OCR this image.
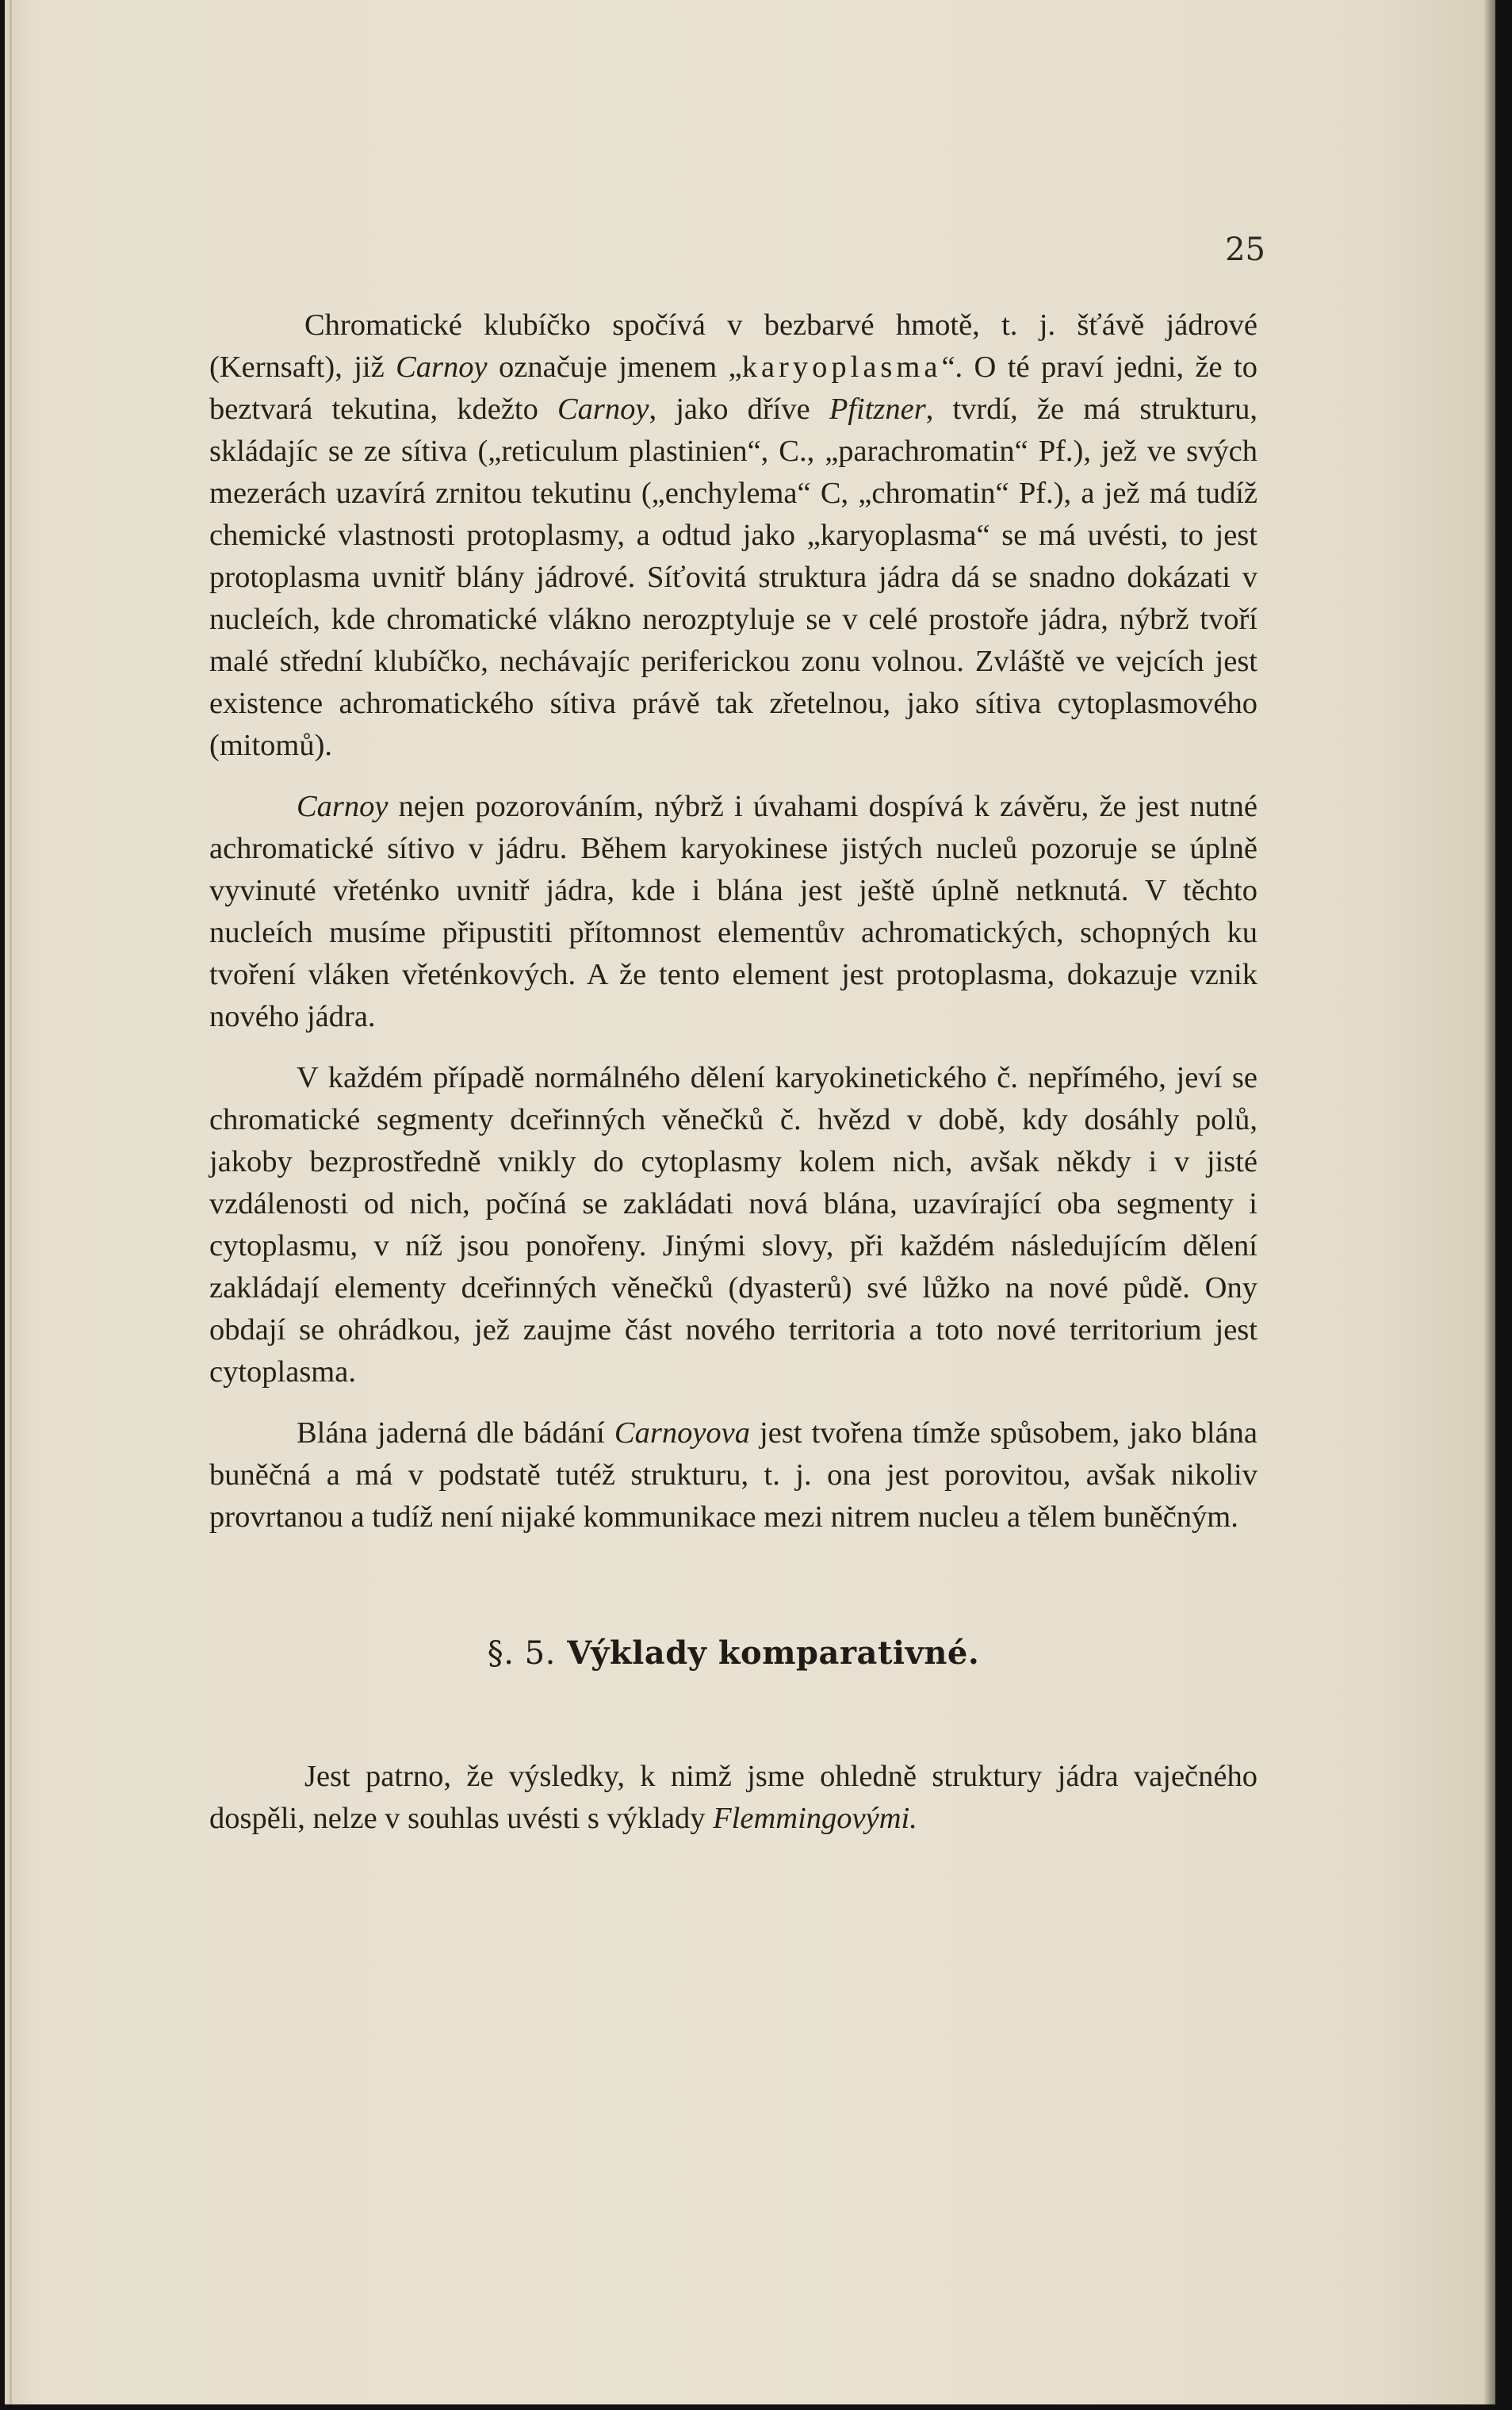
25

Chromatické klubíčko spočívá v bezbarvé hmotě, t. j. šťávě jádrové (Kernsaft), již Carnoy označuje jmenem „karyoplasma“. O té praví jedni, že to beztvará tekutina, kdežto Carnoy, jako dříve Pfitzner, tvrdí, že má strukturu, skládajíc se ze sítiva („reticulum plastinien“, C., „parachromatin“ Pf.), jež ve svých mezerách uzavírá zrnitou tekutinu („enchylema“ C, „chromatin“ Pf.), a jež má tudíž chemické vlastnosti protoplasmy, a odtud jako „karyoplasma“ se má uvésti, to jest protoplasma uvnitř blány jádrové. Síťovitá struktura jádra dá se snadno dokázati v nucleích, kde chromatické vlákno nerozptyluje se v celé prostoře jádra, nýbrž tvoří malé střední klubíčko, nechávajíc periferickou zonu volnou. Zvláště ve vejcích jest existence achromatického sítiva právě tak zřetelnou, jako sítiva cytoplasmového (mitomů).

Carnoy nejen pozorováním, nýbrž i úvahami dospívá k závěru, že jest nutné achromatické sítivo v jádru. Během karyokinese jistých nucleů pozoruje se úplně vyvinuté vřeténko uvnitř jádra, kde i blána jest ještě úplně netknutá. V těchto nucleích musíme připustiti přítomnost elementův achromatických, schopných ku tvoření vláken vřeténkových. A že tento element jest protoplasma, dokazuje vznik nového jádra.

V každém případě normálného dělení karyokinetického č. nepřímého, jeví se chromatické segmenty dceřinných věnečků č. hvězd v době, kdy dosáhly polů, jakoby bezprostředně vnikly do cytoplasmy kolem nich, avšak někdy i v jisté vzdálenosti od nich, počíná se zakládati nová blána, uzavírající oba segmenty i cytoplasmu, v níž jsou ponořeny. Jinými slovy, při každém následujícím dělení zakládají elementy dceřinných věnečků (dyasterů) své lůžko na nové půdě. Ony obdají se ohrádkou, jež zaujme část nového territoria a toto nové territorium jest cytoplasma.

Blána jaderná dle bádání Carnoyova jest tvořena tímže spůsobem, jako blána buněčná a má v podstatě tutéž strukturu, t. j. ona jest porovitou, avšak nikoliv provrtanou a tudíž není nijaké kommunikace mezi nitrem nucleu a tělem buněčným.

§. 5. Výklady komparativné.

Jest patrno, že výsledky, k nimž jsme ohledně struktury jádra vaječného dospěli, nelze v souhlas uvésti s výklady Flemmingovými.
